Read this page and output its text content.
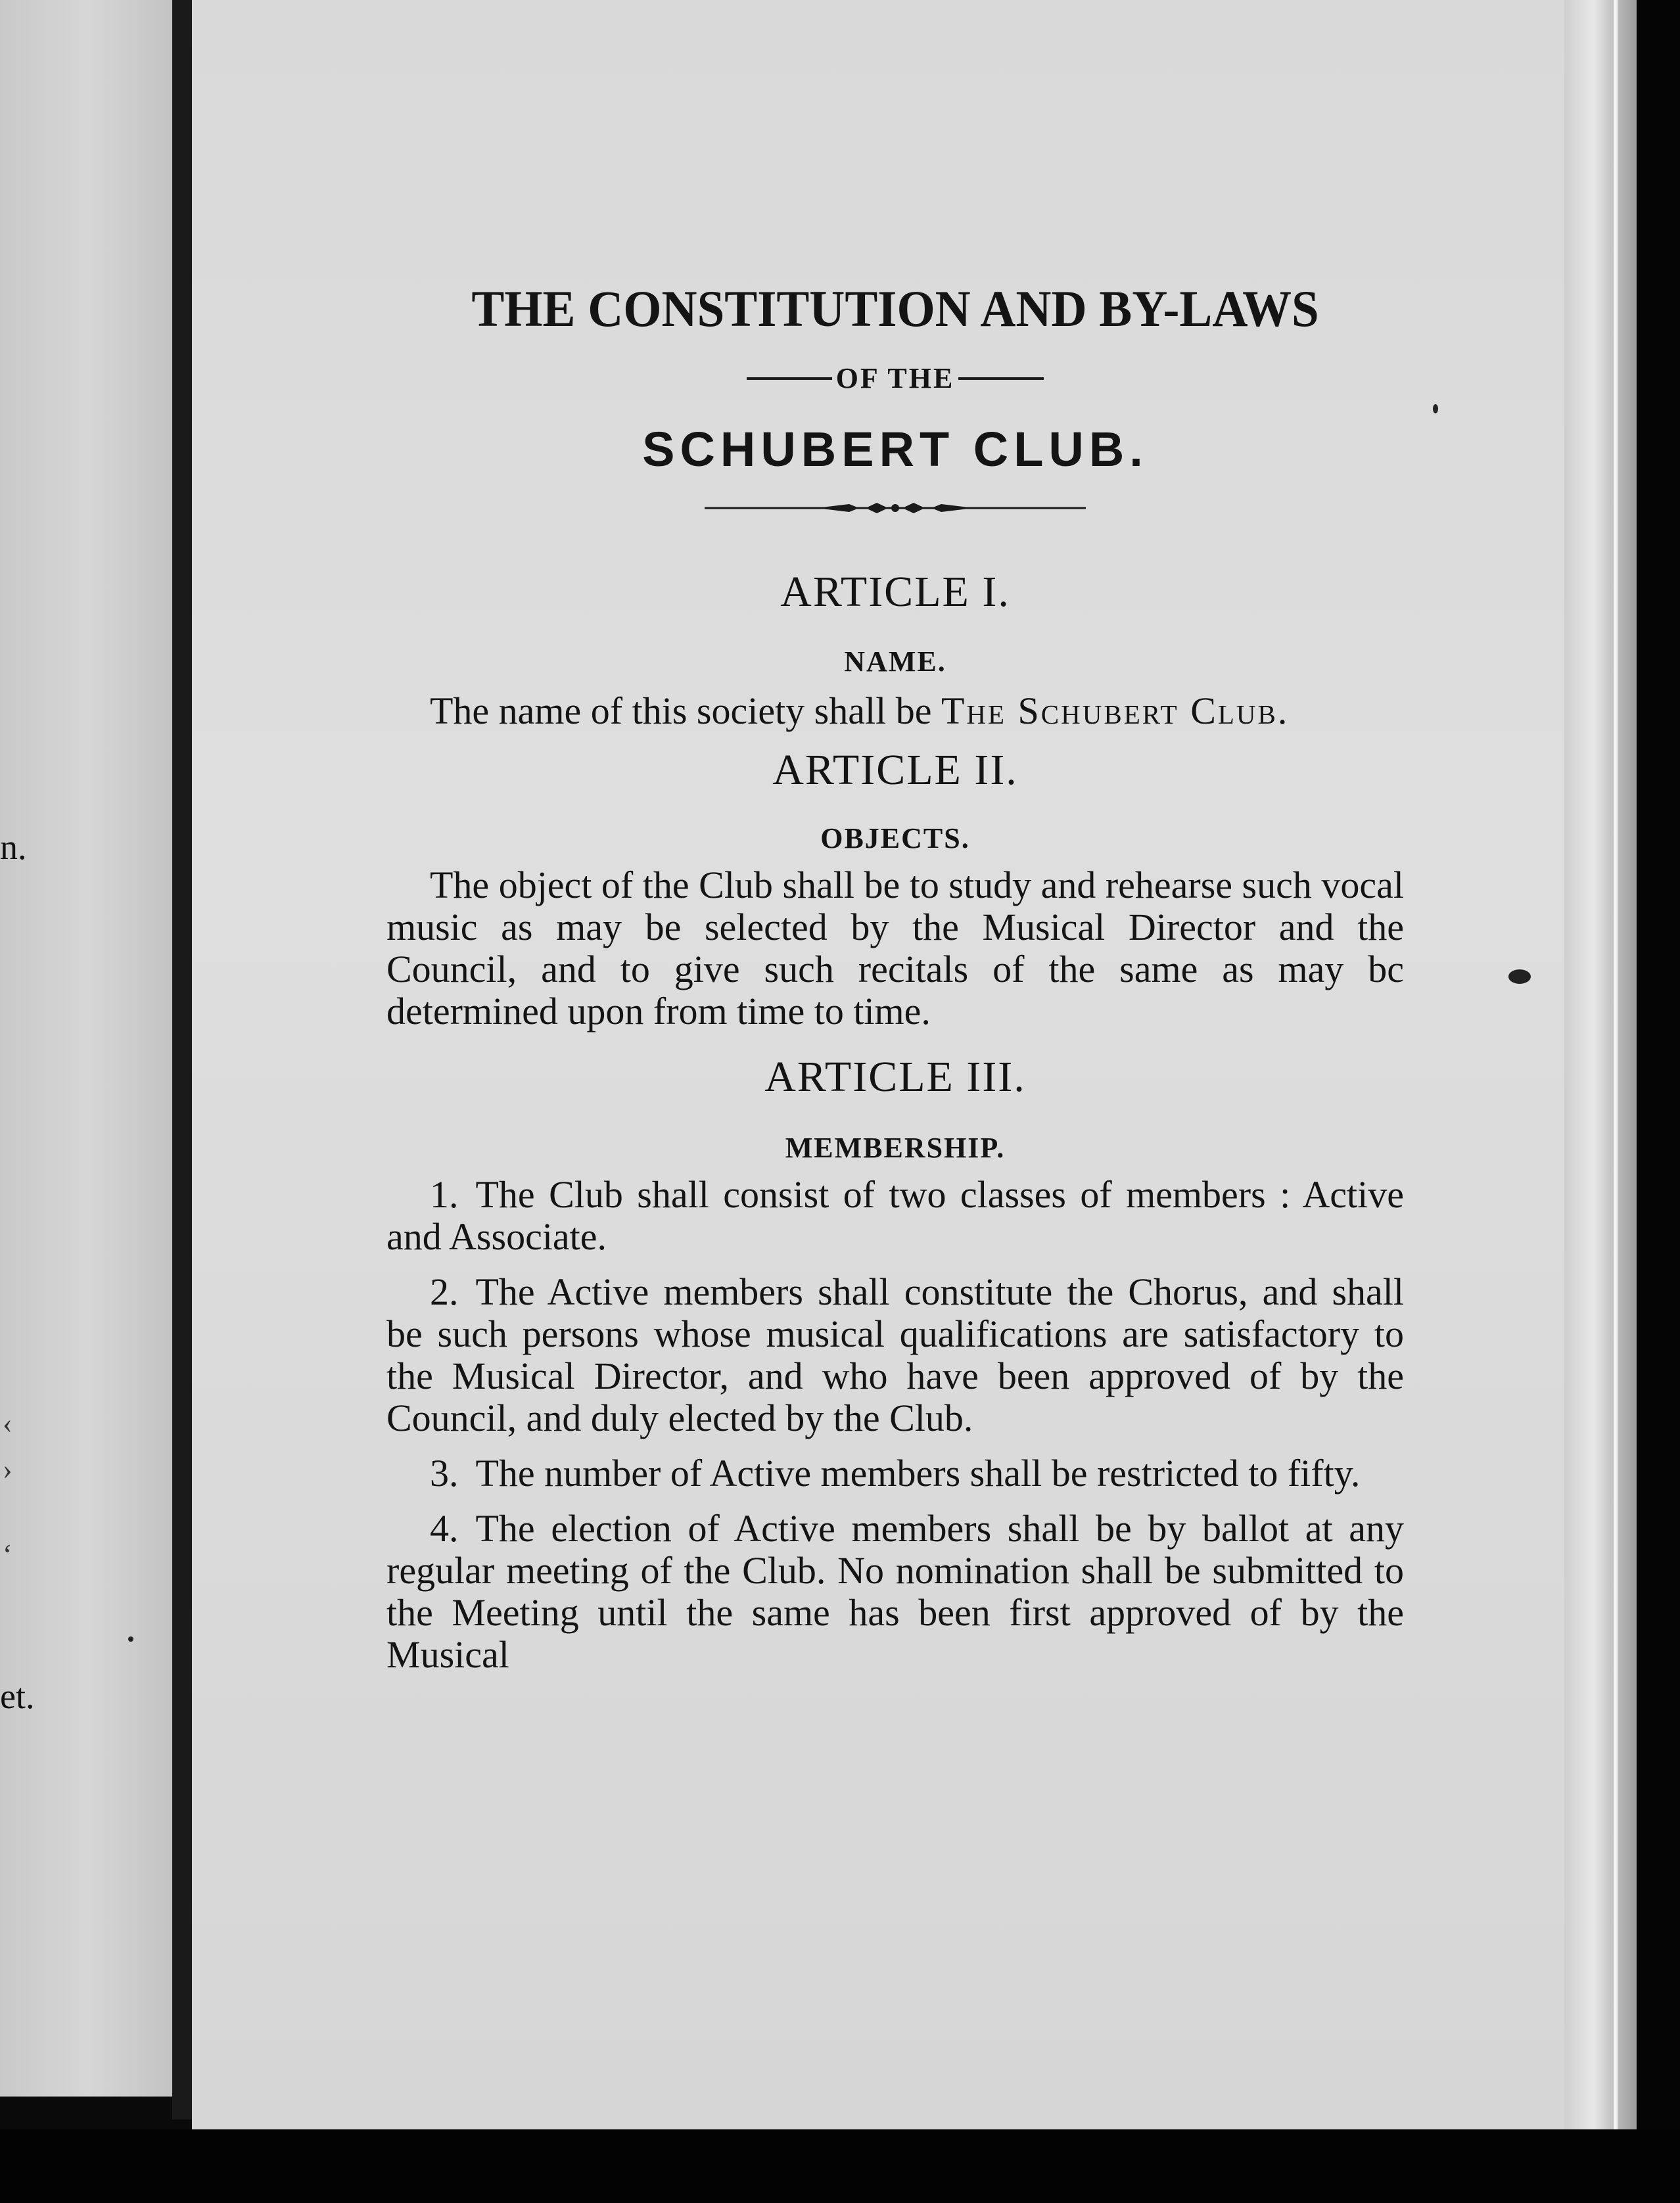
n.
et.
‹
›
‘
THE CONSTITUTION AND BY-LAWS
OF THE
SCHUBERT CLUB.
ARTICLE I.
NAME.

The name of this society shall be The Schubert Club.

ARTICLE II.
OBJECTS.

The object of the Club shall be to study and rehearse such vocal music as may be selected by the Musical Director and the Council, and to give such recitals of the same as may bc determined upon from time to time.

ARTICLE III.
MEMBERSHIP.

1. The Club shall consist of two classes of members : Active and Associate.

2. The Active members shall constitute the Chorus, and shall be such persons whose musical qualifications are satisfactory to the Musical Director, and who have been approved of by the Council, and duly elected by the Club.

3. The number of Active members shall be restricted to fifty.

4. The election of Active members shall be by ballot at any regular meeting of the Club. No nomination shall be submitted to the Meeting until the same has been first approved of by the Musical
